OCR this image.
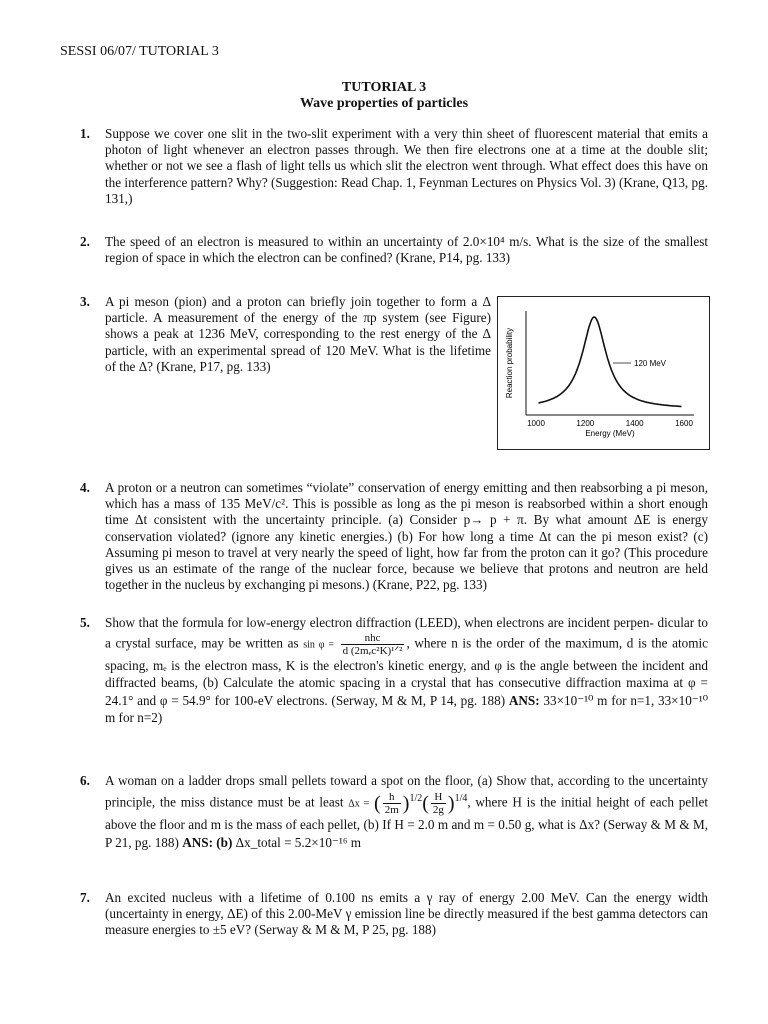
SESSI 06/07/ TUTORIAL 3
TUTORIAL 3
Wave properties of particles
1. Suppose we cover one slit in the two-slit experiment with a very thin sheet of fluorescent material that emits a photon of light whenever an electron passes through. We then fire electrons one at a time at the double slit; whether or not we see a flash of light tells us which slit the electron went through. What effect does this have on the interference pattern? Why? (Suggestion: Read Chap. 1, Feynman Lectures on Physics Vol. 3) (Krane, Q13, pg. 131,)
2. The speed of an electron is measured to within an uncertainty of 2.0×10⁴ m/s. What is the size of the smallest region of space in which the electron can be confined? (Krane, P14, pg. 133)
3. A pi meson (pion) and a proton can briefly join together to form a Δ particle. A measurement of the energy of the πp system (see Figure) shows a peak at 1236 MeV, corresponding to the rest energy of the Δ particle, with an experimental spread of 120 MeV. What is the lifetime of the Δ? (Krane, P17, pg. 133)	Reaction probability
Energy (MeV)
1000	1200	1400	1600
120 MeV
4. A proton or a neutron can sometimes “violate” conservation of energy emitting and then reabsorbing a pi meson, which has a mass of 135 MeV/c². This is possible as long as the pi meson is reabsorbed within a short enough time Δt consistent with the uncertainty principle. (a) Consider p→ p + π. By what amount ΔE is energy conservation violated? (ignore any kinetic energies.) (b) For how long a time Δt can the pi meson exist? (c) Assuming pi meson to travel at very nearly the speed of light, how far from the proton can it go? (This procedure gives us an estimate of the range of the nuclear force, because we believe that protons and neutron are held together in the nucleus by exchanging pi mesons.) (Krane, P22, pg. 133)
5. Show that the formula for low-energy electron diffraction (LEED), when electrons are incident perpen- dicular to a crystal surface, may be written as $\sin \varphi = \frac{\text{nhc}}{\text{d (2mₑc²K)¹ᐟ²}}$ , where n is the order of the maximum, d is the atomic spacing, mₑ is the electron mass, K is the electron's kinetic energy, and φ is the angle between the incident and diffracted beams, (b) Calculate the atomic spacing in a crystal that has consecutive diffraction maxima at φ = 24.1° and φ = 54.9° for 100-eV electrons. (Serway, M & M, P 14, pg. 188) ANS: 33×10⁻¹⁰ m for n=1, 33×10⁻¹⁰ m for n=2)
6. A woman on a ladder drops small pellets toward a spot on the floor, (a) Show that, according to the uncertainty principle, the miss distance must be at least Δx = ( $\frac{h}{2m} )^{1/2}( \frac{H}{2g} )^{1/4}$, where H is the initial height of each pellet above the floor and m is the mass of each pellet, (b) If H = 2.0 m and m = 0.50 g, what is Δx? (Serway & M & M, P 21, pg. 188) ANS: (b) Δx_total = 5.2×10⁻¹⁶ m
7. An excited nucleus with a lifetime of 0.100 ns emits a γ ray of energy 2.00 MeV. Can the energy width (uncertainty in energy, ΔE) of this 2.00-MeV γ emission line be directly measured if the best gamma detectors can measure energies to ±5 eV? (Serway & M & M, P 25, pg. 188)
